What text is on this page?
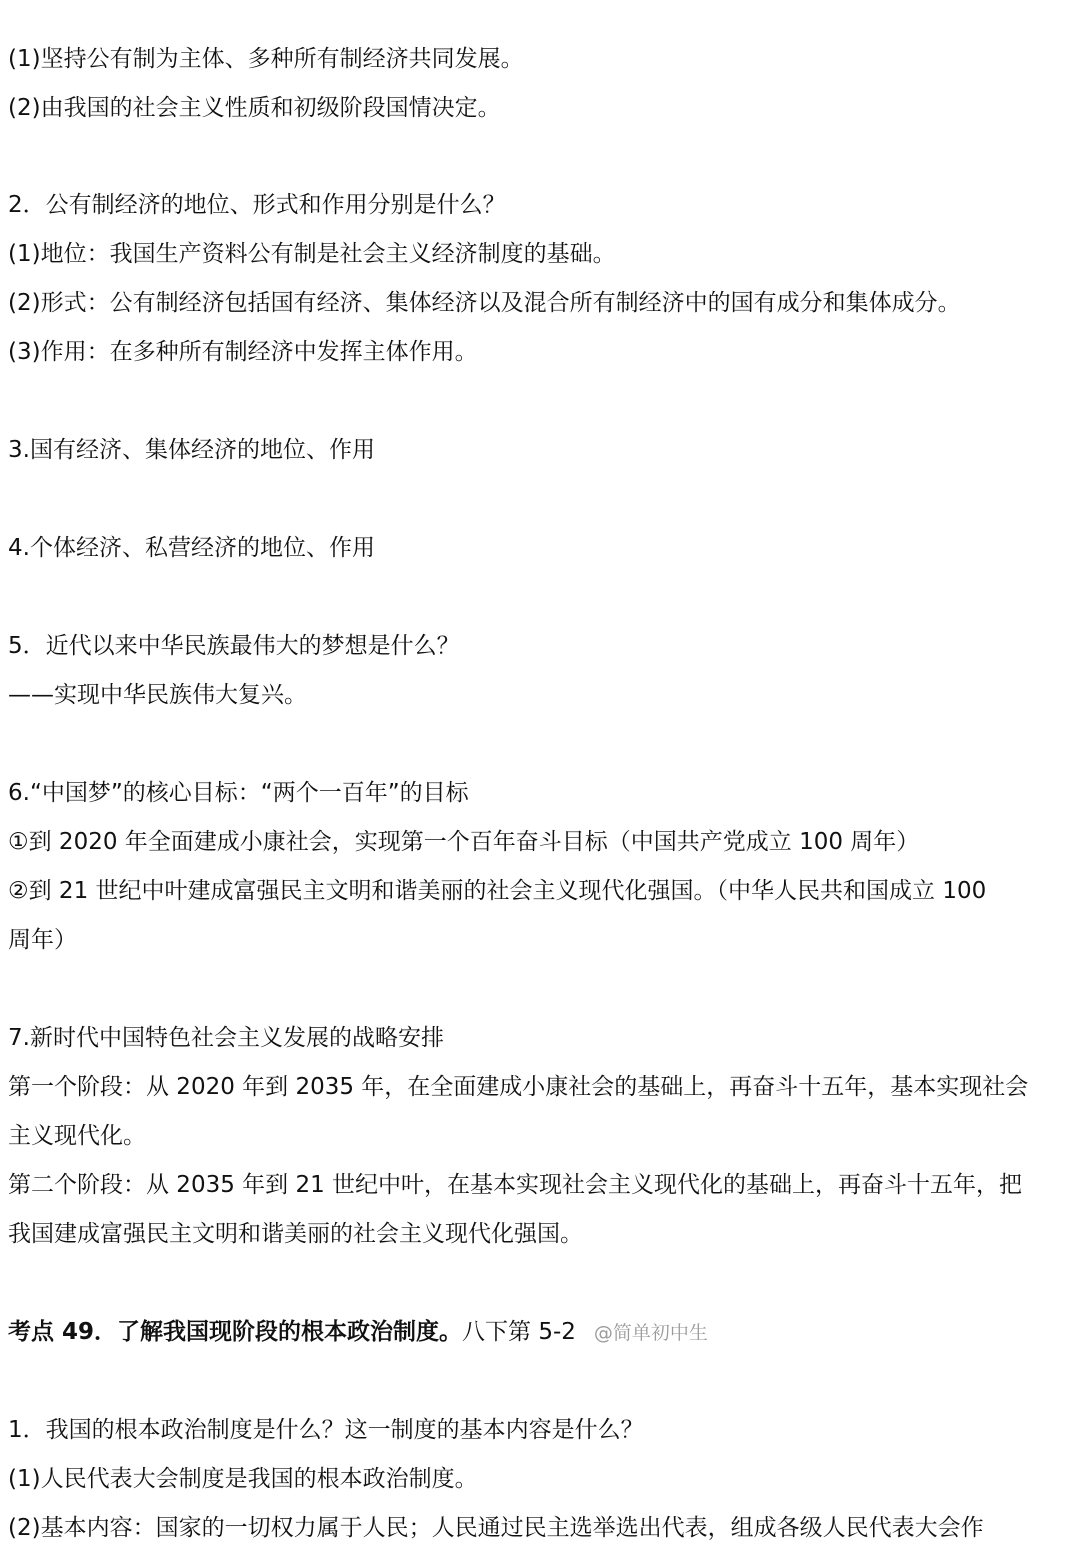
(1)坚持公有制为主体、多种所有制经济共同发展。
(2)由我国的社会主义性质和初级阶段国情决定。
2．公有制经济的地位、形式和作用分别是什么？
(1)地位：我国生产资料公有制是社会主义经济制度的基础。
(2)形式：公有制经济包括国有经济、集体经济以及混合所有制经济中的国有成分和集体成分。
(3)作用：在多种所有制经济中发挥主体作用。
3.国有经济、集体经济的地位、作用
4.个体经济、私营经济的地位、作用
5．近代以来中华民族最伟大的梦想是什么？
——实现中华民族伟大复兴。
6.“中国梦”的核心目标：“两个一百年”的目标
①到 2020 年全面建成小康社会，实现第一个百年奋斗目标（中国共产党成立 100 周年）
②到 21 世纪中叶建成富强民主文明和谐美丽的社会主义现代化强国。（中华人民共和国成立 100
周年）
7.新时代中国特色社会主义发展的战略安排
第一个阶段：从 2020 年到 2035 年，在全面建成小康社会的基础上，再奋斗十五年，基本实现社会
主义现代化。
第二个阶段：从 2035 年到 21 世纪中叶，在基本实现社会主义现代化的基础上，再奋斗十五年，把
我国建成富强民主文明和谐美丽的社会主义现代化强国。
考点 49．了解我国现阶段的根本政治制度。八下第 5-2 @简单初中生
1．我国的根本政治制度是什么？这一制度的基本内容是什么？
(1)人民代表大会制度是我国的根本政治制度。
(2)基本内容：国家的一切权力属于人民；人民通过民主选举选出代表，组成各级人民代表大会作
